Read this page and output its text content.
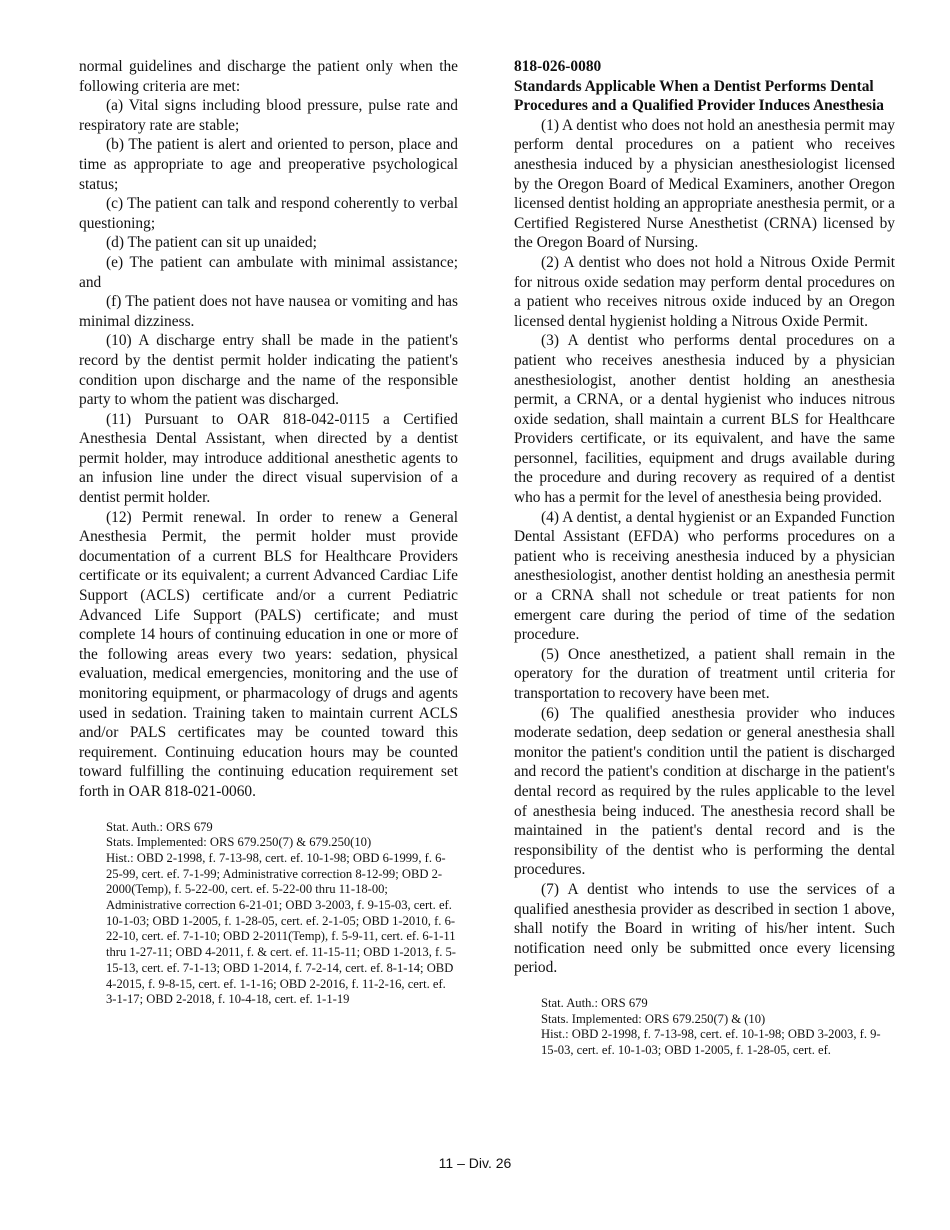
normal guidelines and discharge the patient only when the following criteria are met:

(a) Vital signs including blood pressure, pulse rate and respiratory rate are stable;

(b) The patient is alert and oriented to person, place and time as appropriate to age and preoperative psychological status;

(c) The patient can talk and respond coherently to verbal questioning;

(d) The patient can sit up unaided;

(e) The patient can ambulate with minimal assistance; and

(f) The patient does not have nausea or vomiting and has minimal dizziness.

(10) A discharge entry shall be made in the patient's record by the dentist permit holder indicating the patient's condition upon discharge and the name of the responsible party to whom the patient was discharged.

(11) Pursuant to OAR 818-042-0115 a Certified Anesthesia Dental Assistant, when directed by a dentist permit holder, may introduce additional anesthetic agents to an infusion line under the direct visual supervision of a dentist permit holder.

(12) Permit renewal. In order to renew a General Anesthesia Permit, the permit holder must provide documentation of a current BLS for Healthcare Providers certificate or its equivalent; a current Advanced Cardiac Life Support (ACLS) certificate and/or a current Pediatric Advanced Life Support (PALS) certificate; and must complete 14 hours of continuing education in one or more of the following areas every two years: sedation, physical evaluation, medical emergencies, monitoring and the use of monitoring equipment, or pharmacology of drugs and agents used in sedation. Training taken to maintain current ACLS and/or PALS certificates may be counted toward this requirement. Continuing education hours may be counted toward fulfilling the continuing education requirement set forth in OAR 818-021-0060.

Stat. Auth.: ORS 679
Stats. Implemented: ORS 679.250(7) & 679.250(10)
Hist.: OBD 2-1998, f. 7-13-98, cert. ef. 10-1-98; OBD 6-1999, f. 6-25-99, cert. ef. 7-1-99; Administrative correction 8-12-99; OBD 2-2000(Temp), f. 5-22-00, cert. ef. 5-22-00 thru 11-18-00; Administrative correction 6-21-01; OBD 3-2003, f. 9-15-03, cert. ef. 10-1-03; OBD 1-2005, f. 1-28-05, cert. ef. 2-1-05; OBD 1-2010, f. 6-22-10, cert. ef. 7-1-10; OBD 2-2011(Temp), f. 5-9-11, cert. ef. 6-1-11 thru 1-27-11; OBD 4-2011, f. & cert. ef. 11-15-11; OBD 1-2013, f. 5-15-13, cert. ef. 7-1-13; OBD 1-2014, f. 7-2-14, cert. ef. 8-1-14; OBD 4-2015, f. 9-8-15, cert. ef. 1-1-16; OBD 2-2016, f. 11-2-16, cert. ef. 3-1-17; OBD 2-2018, f. 10-4-18, cert. ef. 1-1-19

818-026-0080

Standards Applicable When a Dentist Performs Dental Procedures and a Qualified Provider Induces Anesthesia

(1) A dentist who does not hold an anesthesia permit may perform dental procedures on a patient who receives anesthesia induced by a physician anesthesiologist licensed by the Oregon Board of Medical Examiners, another Oregon licensed dentist holding an appropriate anesthesia permit, or a Certified Registered Nurse Anesthetist (CRNA) licensed by the Oregon Board of Nursing.

(2) A dentist who does not hold a Nitrous Oxide Permit for nitrous oxide sedation may perform dental procedures on a patient who receives nitrous oxide induced by an Oregon licensed dental hygienist holding a Nitrous Oxide Permit.

(3) A dentist who performs dental procedures on a patient who receives anesthesia induced by a physician anesthesiologist, another dentist holding an anesthesia permit, a CRNA, or a dental hygienist who induces nitrous oxide sedation, shall maintain a current BLS for Healthcare Providers certificate, or its equivalent, and have the same personnel, facilities, equipment and drugs available during the procedure and during recovery as required of a dentist who has a permit for the level of anesthesia being provided.

(4) A dentist, a dental hygienist or an Expanded Function Dental Assistant (EFDA) who performs procedures on a patient who is receiving anesthesia induced by a physician anesthesiologist, another dentist holding an anesthesia permit or a CRNA shall not schedule or treat patients for non emergent care during the period of time of the sedation procedure.

(5) Once anesthetized, a patient shall remain in the operatory for the duration of treatment until criteria for transportation to recovery have been met.

(6) The qualified anesthesia provider who induces moderate sedation, deep sedation or general anesthesia shall monitor the patient's condition until the patient is discharged and record the patient's condition at discharge in the patient's dental record as required by the rules applicable to the level of anesthesia being induced. The anesthesia record shall be maintained in the patient's dental record and is the responsibility of the dentist who is performing the dental procedures.

(7) A dentist who intends to use the services of a qualified anesthesia provider as described in section 1 above, shall notify the Board in writing of his/her intent. Such notification need only be submitted once every licensing period.

Stat. Auth.: ORS 679
Stats. Implemented: ORS 679.250(7) & (10)
Hist.: OBD 2-1998, f. 7-13-98, cert. ef. 10-1-98; OBD 3-2003, f. 9-15-03, cert. ef. 10-1-03; OBD 1-2005, f. 1-28-05, cert. ef.
11 – Div. 26
